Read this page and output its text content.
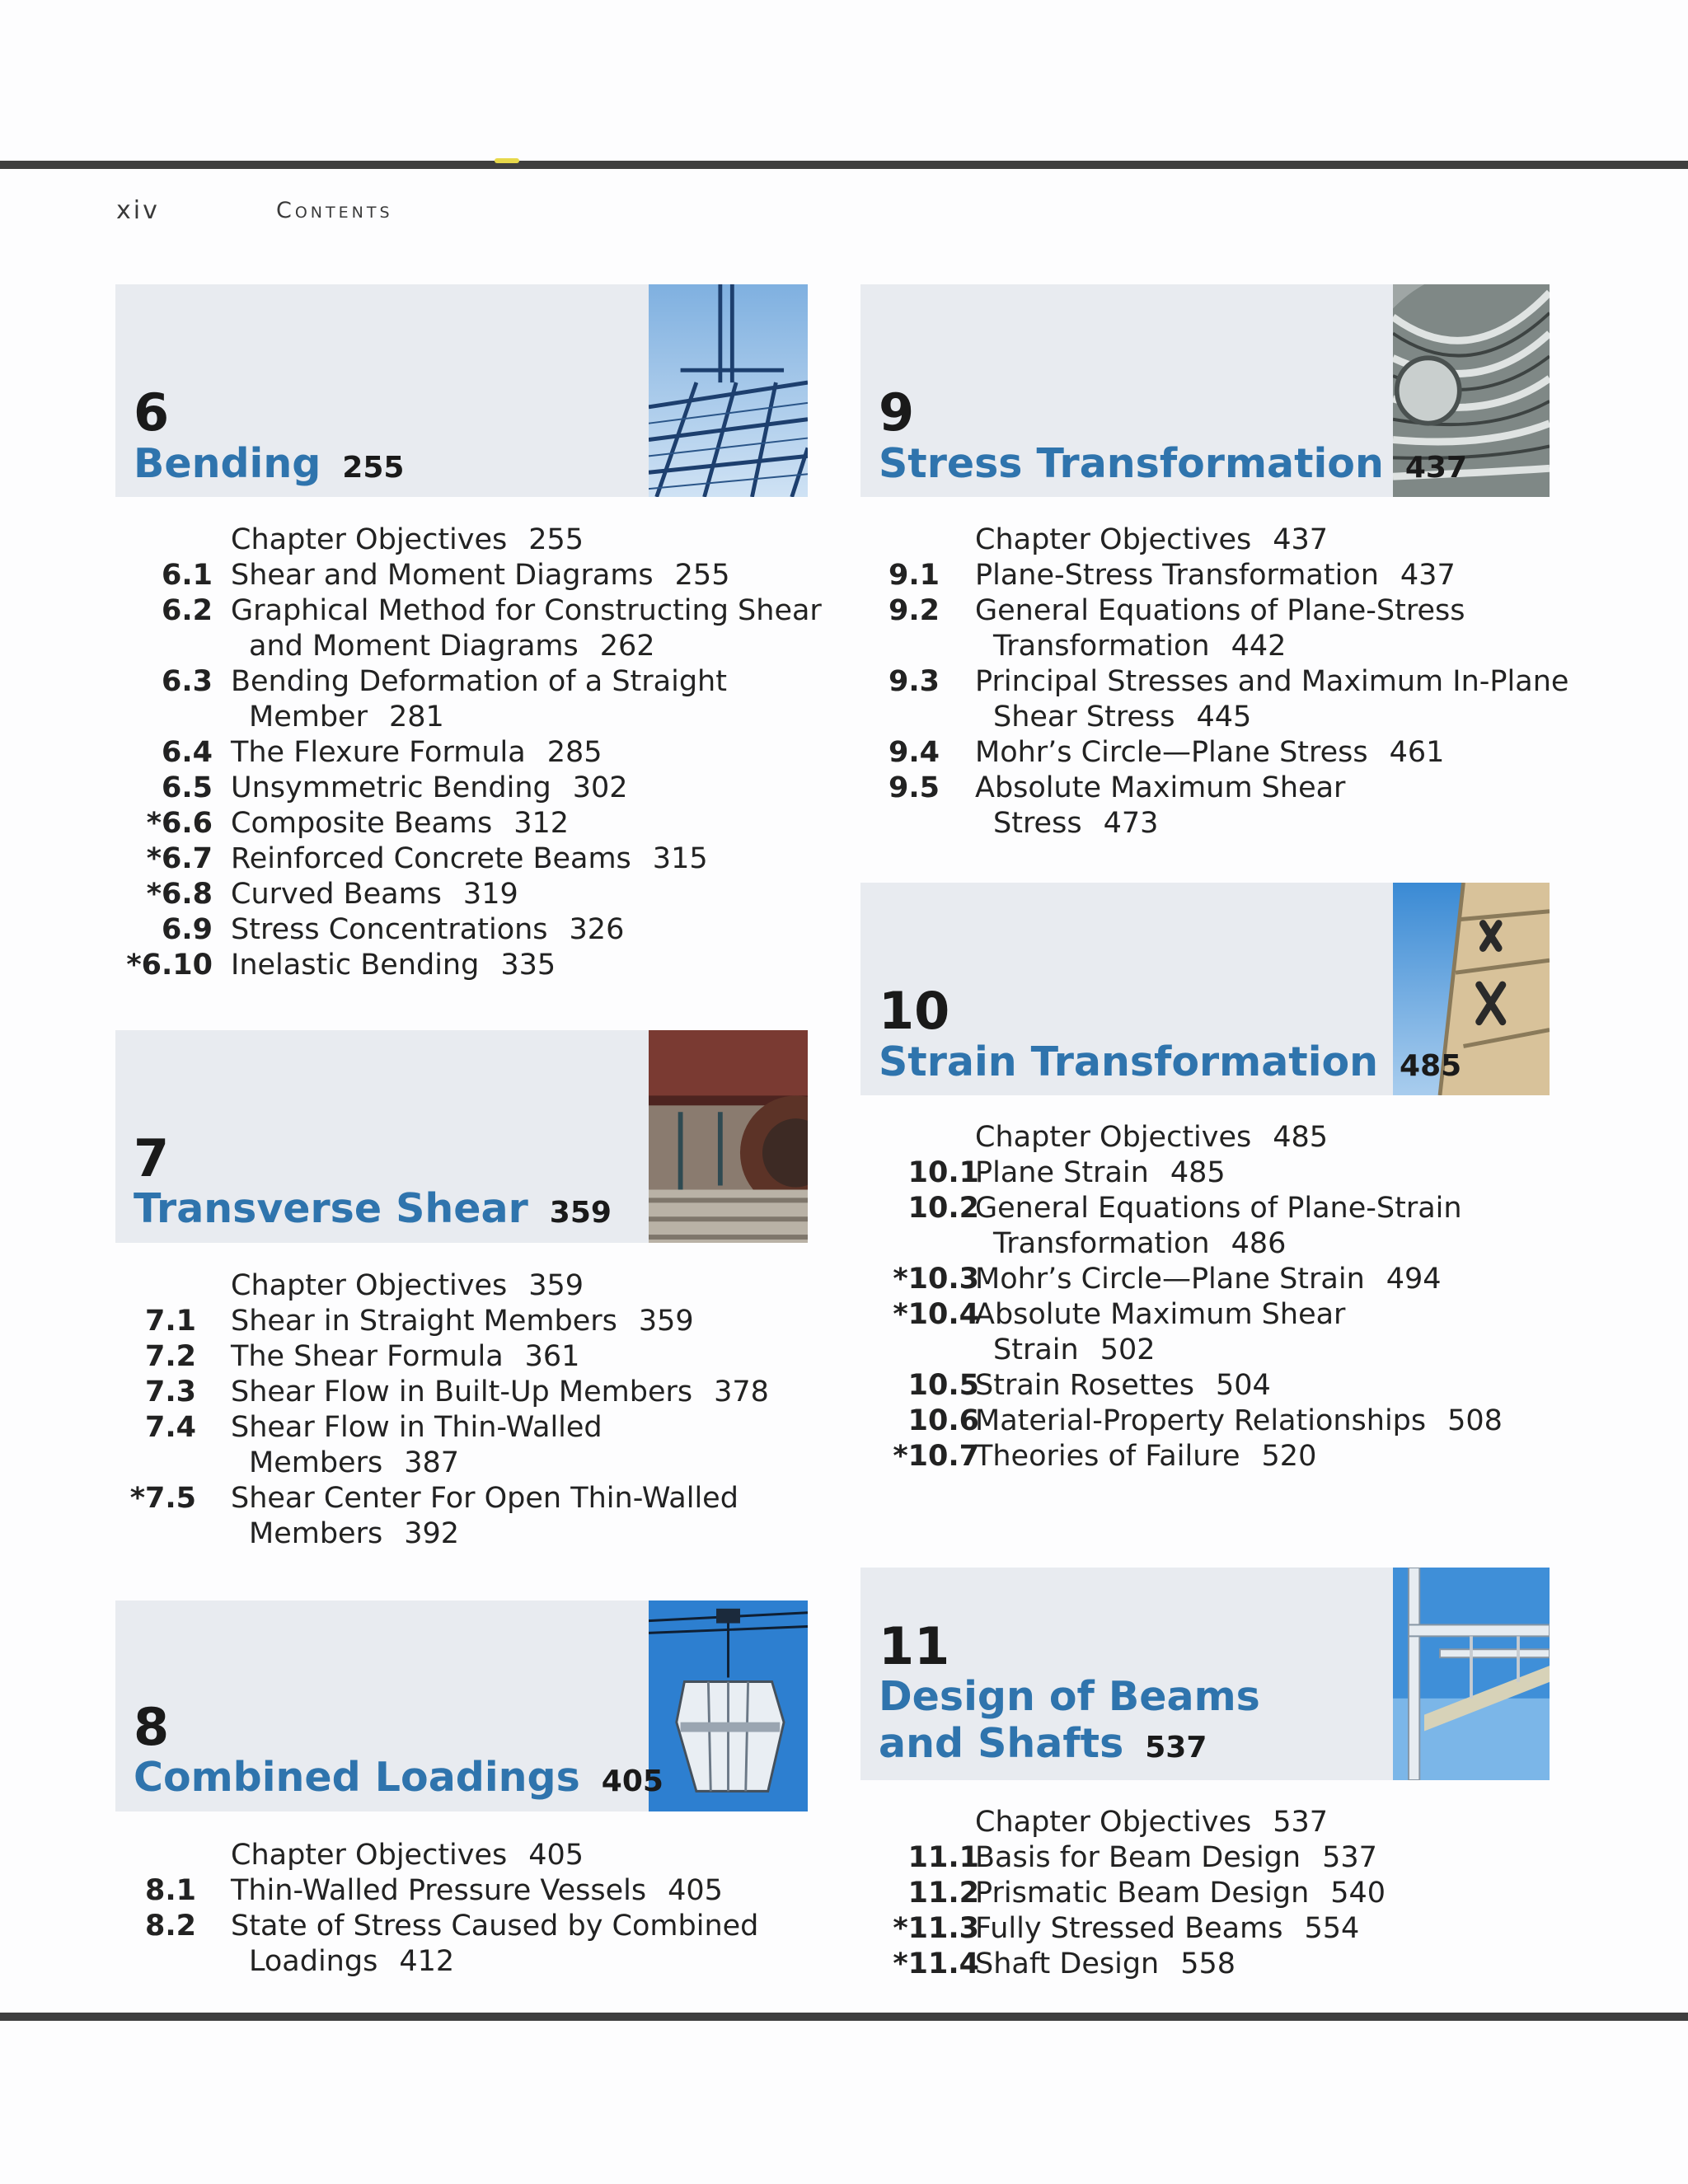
xiv	Contents
6
Bending 255
Chapter Objectives 255
6.1 Shear and Moment Diagrams 255
6.2 Graphical Method for Constructing Shear
and Moment Diagrams 262
6.3 Bending Deformation of a Straight
Member 281
6.4 The Flexure Formula 285
6.5 Unsymmetric Bending 302
*6.6 Composite Beams 312
*6.7 Reinforced Concrete Beams 315
*6.8 Curved Beams 319
6.9 Stress Concentrations 326
*6.10 Inelastic Bending 335
7
Transverse Shear 359
Chapter Objectives 359
7.1 Shear in Straight Members 359
7.2 The Shear Formula 361
7.3 Shear Flow in Built-Up Members 378
7.4 Shear Flow in Thin-Walled
Members 387
*7.5 Shear Center For Open Thin-Walled
Members 392
8
Combined Loadings 405
Chapter Objectives 405
8.1 Thin-Walled Pressure Vessels 405
8.2 State of Stress Caused by Combined
Loadings 412
9
Stress Transformation 437
Chapter Objectives 437
9.1 Plane-Stress Transformation 437
9.2 General Equations of Plane-Stress
Transformation 442
9.3 Principal Stresses and Maximum In-Plane
Shear Stress 445
9.4 Mohr’s Circle—Plane Stress 461
9.5 Absolute Maximum Shear
Stress 473
10
Strain Transformation 485
Chapter Objectives 485
10.1
Plane Strain 485
10.2
General Equations of Plane-Strain
Transformation 486
*10.3
Mohr’s Circle—Plane Strain 494
*10.4
Absolute Maximum Shear
Strain 502
10.5
Strain Rosettes 504
10.6
Material-Property Relationships 508
*10.7
Theories of Failure 520
11
Design of Beams
and Shafts 537
Chapter Objectives 537
11.1
Basis for Beam Design 537
11.2
Prismatic Beam Design 540
*11.3
Fully Stressed Beams 554
*11.4
Shaft Design 558
